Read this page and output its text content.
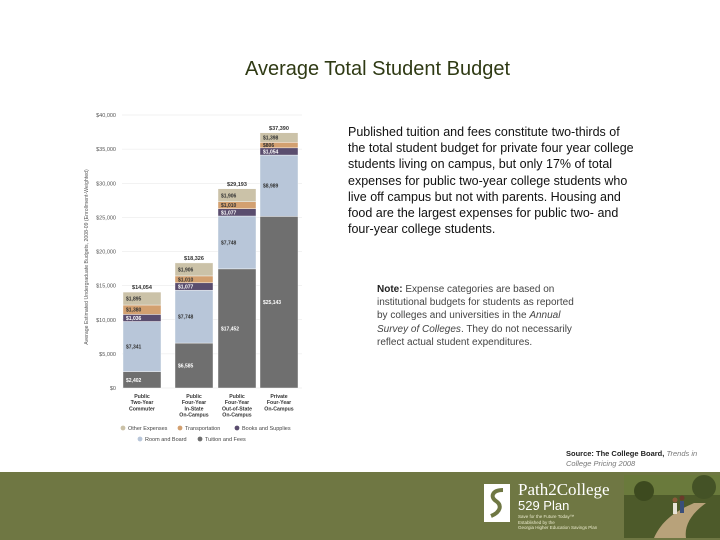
Average Total Student Budget
Average Estimated Undergraduate Budgets, 2008-09 (Enrollment-Weighted)
$0
$5,000
$10,000
$15,000
$20,000
$25,000
$30,000
$35,000
$40,000
$2,402
$7,341
$1,036
$1,380
$1,895
$6,585
$7,748
$1,077
$1,010
$1,906
$17,452
$7,748
$1,077
$1,010
$1,906
$25,143
$8,989
$1,054
$806
$1,398
$14,054
$18,326
$29,193
$37,390
Public Two-Year Commuter
Public Four-Year In-State On-Campus
Public Four-Year Out-of-State On-Campus
Private Four-Year On-Campus
Other Expenses	Transportation	Books and Supplies
Room and Board	Tuition and Fees
Published tuition and fees constitute two-thirds of the total student budget for private four year college students living on campus, but only 17% of total expenses for public two-year college students who live off campus but not with parents. Housing and food are the largest expenses for public two- and four-year college students.
Note: Expense categories are based on institutional budgets for students as reported by colleges and universities in the Annual Survey of Colleges. They do not necessarily reflect actual student expenditures.
Source: The College Board, Trends in College Pricing 2008
Path2College
529 Plan
Save for the Future Today™
Established by the
Georgia Higher Education Savings Plan
